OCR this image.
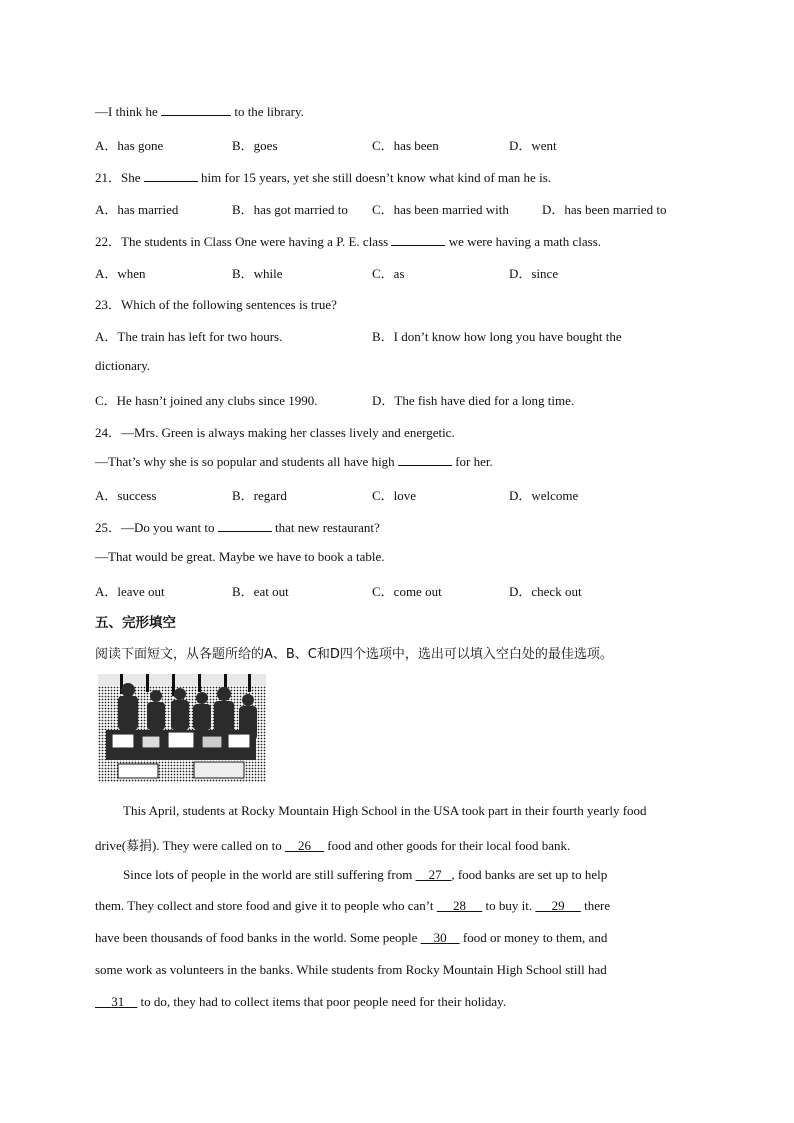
—I think he	to the library.
A．has gone	B．goes	C．has been	D．went
21．She	him for 15 years, yet she still doesn’t know what kind of man he is.
A．has married	B．has got married to C．has been married with	D．has been married to
22．The students in Class One were having a P. E. class	we were having a math class.
A．when	B．while	C．as	D．since
23．Which of the following sentences is true?
A．The train has left for two hours.	B．I don’t know how long you have bought the
dictionary.
C．He hasn’t joined any clubs since 1990.	D．The fish have died for a long time.
24．—Mrs. Green is always making her classes lively and energetic.
—That’s why she is so popular and students all have high	for her.
A．success	B．regard	C．love	D．welcome
25．—Do you want to	that new restaurant?
—That would be great. Maybe we have to book a table.
A．leave out	B．eat out	C．come out	D．check out
五、完形填空
阅读下面短文，从各题所给的A、B、C和D四个选项中，选出可以填入空白处的最佳选项。
This April, students at Rocky Mountain High School in the USA took part in their fourth yearly food
drive(募捐). They were called on to 26 food and other goods for their local food bank.
Since lots of people in the world are still suffering from 27 , food banks are set up to help
them. They collect and store food and give it to people who can’t 28 to buy it. 29 there
have been thousands of food banks in the world. Some people 30 food or money to them, and
some work as volunteers in the banks. While students from Rocky Mountain High School still had
31 to do, they had to collect items that poor people need for their holiday.
